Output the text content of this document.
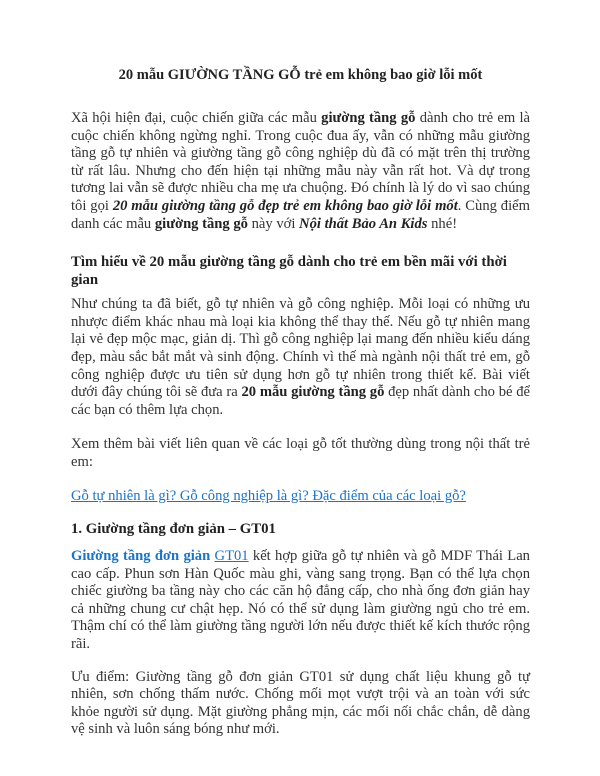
20 mẫu GIƯỜNG TẦNG GỖ trẻ em không bao giờ lỗi mốt

Xã hội hiện đại, cuộc chiến giữa các mẫu giường tầng gỗ dành cho trẻ em là cuộc chiến không ngừng nghỉ. Trong cuộc đua ấy, vẫn có những mẫu giường tầng gỗ tự nhiên và giường tầng gỗ công nghiệp dù đã có mặt trên thị trường từ rất lâu. Nhưng cho đến hiện tại những mẫu này vẫn rất hot. Và dự trong tương lai vẫn sẽ được nhiều cha mẹ ưa chuộng. Đó chính là lý do vì sao chúng tôi gọi 20 mẫu giường tầng gỗ đẹp trẻ em không bao giờ lỗi mốt. Cùng điểm danh các mẫu giường tầng gỗ này với Nội thất Bảo An Kids nhé!

Tìm hiểu về 20 mẫu giường tầng gỗ dành cho trẻ em bền mãi với thời gian

Như chúng ta đã biết, gỗ tự nhiên và gỗ công nghiệp. Mỗi loại có những ưu nhược điểm khác nhau mà loại kia không thể thay thế. Nếu gỗ tự nhiên mang lại vẻ đẹp mộc mạc, giản dị. Thì gỗ công nghiệp lại mang đến nhiều kiểu dáng đẹp, màu sắc bắt mắt và sinh động. Chính vì thế mà ngành nội thất trẻ em, gỗ công nghiệp được ưu tiên sử dụng hơn gỗ tự nhiên trong thiết kế. Bài viết dưới đây chúng tôi sẽ đưa ra 20 mẫu giường tầng gỗ đẹp nhất dành cho bé để các bạn có thêm lựa chọn.

Xem thêm bài viết liên quan về các loại gỗ tốt thường dùng trong nội thất trẻ em:

Gỗ tự nhiên là gì? Gỗ công nghiệp là gì? Đặc điểm của các loại gỗ?

1. Giường tầng đơn giản – GT01

Giường tầng đơn giản GT01 kết hợp giữa gỗ tự nhiên và gỗ MDF Thái Lan cao cấp. Phun sơn Hàn Quốc màu ghi, vàng sang trọng. Bạn có thể lựa chọn chiếc giường ba tầng này cho các căn hộ đẳng cấp, cho nhà ống đơn giản hay cả những chung cư chật hẹp. Nó có thể sử dụng làm giường ngủ cho trẻ em. Thậm chí có thể làm giường tầng người lớn nếu được thiết kế kích thước rộng rãi.

Ưu điểm: Giường tầng gỗ đơn giản GT01 sử dụng chất liệu khung gỗ tự nhiên, sơn chống thấm nước. Chống mối mọt vượt trội và an toàn với sức khỏe người sử dụng. Mặt giường phẳng mịn, các mối nối chắc chắn, dễ dàng vệ sinh và luôn sáng bóng như mới.
